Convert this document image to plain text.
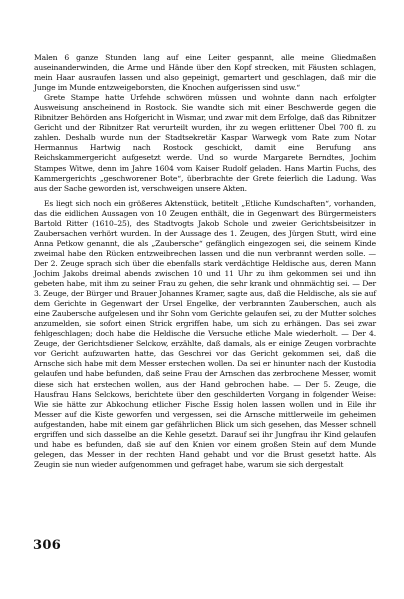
Malen 6 ganze Stunden lang auf eine Leiter gespannt, alle meine Gliedmaßen auseinanderwinden, die Arme und Hände über den Kopf strecken, mit Fäusten schlagen, mein Haar ausraufen lassen und also gepeinigt, gemartert und geschlagen, daß mir die Junge im Munde entzweigeborsten, die Knochen aufgerissen sind usw.“

Grete Stampe hatte Urfehde schwören müssen und wohnte dann nach erfolgter Ausweisung anscheinend in Rostock. Sie wandte sich mit einer Beschwerde gegen die Ribnitzer Behörden ans Hofgericht in Wismar, und zwar mit dem Erfolge, daß das Ribnitzer Gericht und der Ribnitzer Rat verurteilt wurden, ihr zu wegen erlittener Übel 700 fl. zu zahlen. Deshalb wurde nun der Stadtsekretär Kaspar Warwegk vom Rate zum Notar Hermannus Hartwig nach Rostock geschickt, damit eine Berufung ans Reichskammergericht aufgesetzt werde. Und so wurde Margarete Berndtes, Jochim Stampes Witwe, denn im Jahre 1604 vom Kaiser Rudolf geladen. Hans Martin Fuchs, des Kammergerichts „geschworener Bote“, überbrachte der Grete feierlich die Ladung. Was aus der Sache geworden ist, verschweigen unsere Akten.

Es liegt sich noch ein größeres Aktenstück, betitelt „Etliche Kundschaften“, vorhanden, das die eidlichen Aussagen von 10 Zeugen enthält, die in Gegenwart des Bürgermeisters Bartold Ritter (1610–25), des Stadtvogts Jakob Schole und zweier Gerichtsbeisitzer in Zaubersachen verhört wurden. In der Aussage des 1. Zeugen, des Jürgen Stutt, wird eine Anna Petkow genannt, die als „Zaubersche“ gefänglich eingezogen sei, die seinem Kinde zweimal habe den Rücken entzweibrechen lassen und die nun verbrannt werden solle. — Der 2. Zeuge sprach sich über die ebenfalls stark verdächtige Heldische aus, deren Mann Jochim Jakobs dreimal abends zwischen 10 und 11 Uhr zu ihm gekommen sei und ihn gebeten habe, mit ihm zu seiner Frau zu gehen, die sehr krank und ohnmächtig sei. — Der 3. Zeuge, der Bürger und Brauer Johannes Kramer, sagte aus, daß die Heldische, als sie auf dem Gerichte in Gegenwart der Ursel Engelke, der verbrannten Zauberschen, auch als eine Zaubersche aufgelesen und ihr Sohn vom Gerichte gelaufen sei, zu der Mutter solches anzumelden, sie sofort einen Strick ergriffen habe, um sich zu erhängen. Das sei zwar fehlgeschlagen; doch habe die Heldische die Versuche etliche Male wiederholt. — Der 4. Zeuge, der Gerichtsdiener Selckow, erzählte, daß damals, als er einige Zeugen vorbrachte vor Gericht aufzuwarten hatte, das Geschrei vor das Gericht gekommen sei, daß die Arnsche sich habe mit dem Messer erstechen wollen. Da sei er hinunter nach der Kustodia gelaufen und habe befunden, daß seine Frau der Arnschen das zerbrochene Messer, womit diese sich hat erstechen wollen, aus der Hand gebrochen habe. — Der 5. Zeuge, die Hausfrau Hans Selckows, berichtete über den geschilderten Vorgang in folgender Weise: Wie sie hätte zur Abkochung etlicher Fische Essig holen lassen wollen und in Eile ihr Messer auf die Kiste geworfen und vergessen, sei die Arnsche mittlerweile im geheimen aufgestanden, habe mit einem gar gefährlichen Blick um sich gesehen, das Messer schnell ergriffen und sich dasselbe an die Kehle gesetzt. Darauf sei ihr Jungfrau ihr Kind gelaufen und habe es befunden, daß sie auf den Knien vor einem großen Stein auf dem Munde gelegen, das Messer in der rechten Hand gehabt und vor die Brust gesetzt hatte. Als Zeugin sie nun wieder aufgenommen und gefraget habe, warum sie sich dergestalt

306
